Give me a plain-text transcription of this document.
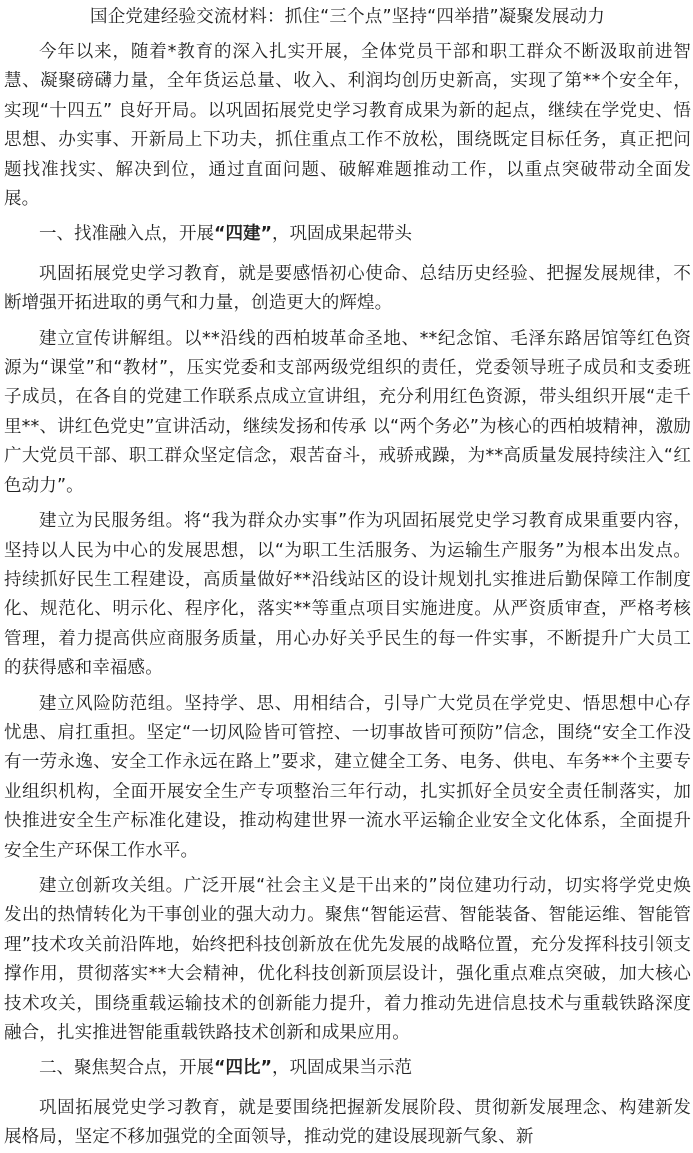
国企党建经验交流材料：抓住“三个点”坚持“四举措”凝聚发展动力

今年以来，随着*教育的深入扎实开展，全体党员干部和职工群众不断汲取前进智慧、凝聚磅礴力量，全年货运总量、收入、利润均创历史新高，实现了第**个安全年，实现“十四五” 良好开局。以巩固拓展党史学习教育成果为新的起点，继续在学党史、悟思想、办实事、开新局上下功夫，抓住重点工作不放松，围绕既定目标任务，真正把问题找准找实、解决到位，通过直面问题、破解难题推动工作，以重点突破带动全面发展。

一、找准融入点，开展“四建”，巩固成果起带头

巩固拓展党史学习教育，就是要感悟初心使命、总结历史经验、把握发展规律，不断增强开拓进取的勇气和力量，创造更大的辉煌。

建立宣传讲解组。以**沿线的西柏坡革命圣地、**纪念馆、毛泽东路居馆等红色资源为“课堂”和“教材”，压实党委和支部两级党组织的责任，党委领导班子成员和支委班子成员，在各自的党建工作联系点成立宣讲组，充分利用红色资源，带头组织开展“走千里**、讲红色党史”宣讲活动，继续发扬和传承 以“两个务必”为核心的西柏坡精神，激励广大党员干部、职工群众坚定信念，艰苦奋斗，戒骄戒躁，为**高质量发展持续注入“红色动力”。

建立为民服务组。将“我为群众办实事”作为巩固拓展党史学习教育成果重要内容，坚持以人民为中心的发展思想，以“为职工生活服务、为运输生产服务”为根本出发点。持续抓好民生工程建设，高质量做好**沿线站区的设计规划扎实推进后勤保障工作制度化、规范化、明示化、程序化，落实**等重点项目实施进度。从严资质审查，严格考核管理，着力提高供应商服务质量，用心办好关乎民生的每一件实事，不断提升广大员工的获得感和幸福感。

建立风险防范组。坚持学、思、用相结合，引导广大党员在学党史、悟思想中心存忧患、肩扛重担。坚定“一切风险皆可管控、一切事故皆可预防”信念，围绕“安全工作没有一劳永逸、安全工作永远在路上”要求，建立健全工务、电务、供电、车务**个主要专业组织机构，全面开展安全生产专项整治三年行动，扎实抓好全员安全责任制落实，加快推进安全生产标准化建设，推动构建世界一流水平运输企业安全文化体系，全面提升安全生产环保工作水平。

建立创新攻关组。广泛开展“社会主义是干出来的”岗位建功行动，切实将学党史焕发出的热情转化为干事创业的强大动力。聚焦“智能运营、智能装备、智能运维、智能管理”技术攻关前沿阵地，始终把科技创新放在优先发展的战略位置，充分发挥科技引领支撑作用，贯彻落实**大会精神，优化科技创新顶层设计，强化重点难点突破，加大核心技术攻关，围绕重载运输技术的创新能力提升，着力推动先进信息技术与重载铁路深度融合，扎实推进智能重载铁路技术创新和成果应用。

二、聚焦契合点，开展“四比”，巩固成果当示范

巩固拓展党史学习教育，就是要围绕把握新发展阶段、贯彻新发展理念、构建新发展格局，坚定不移加强党的全面领导，推动党的建设展现新气象、新
